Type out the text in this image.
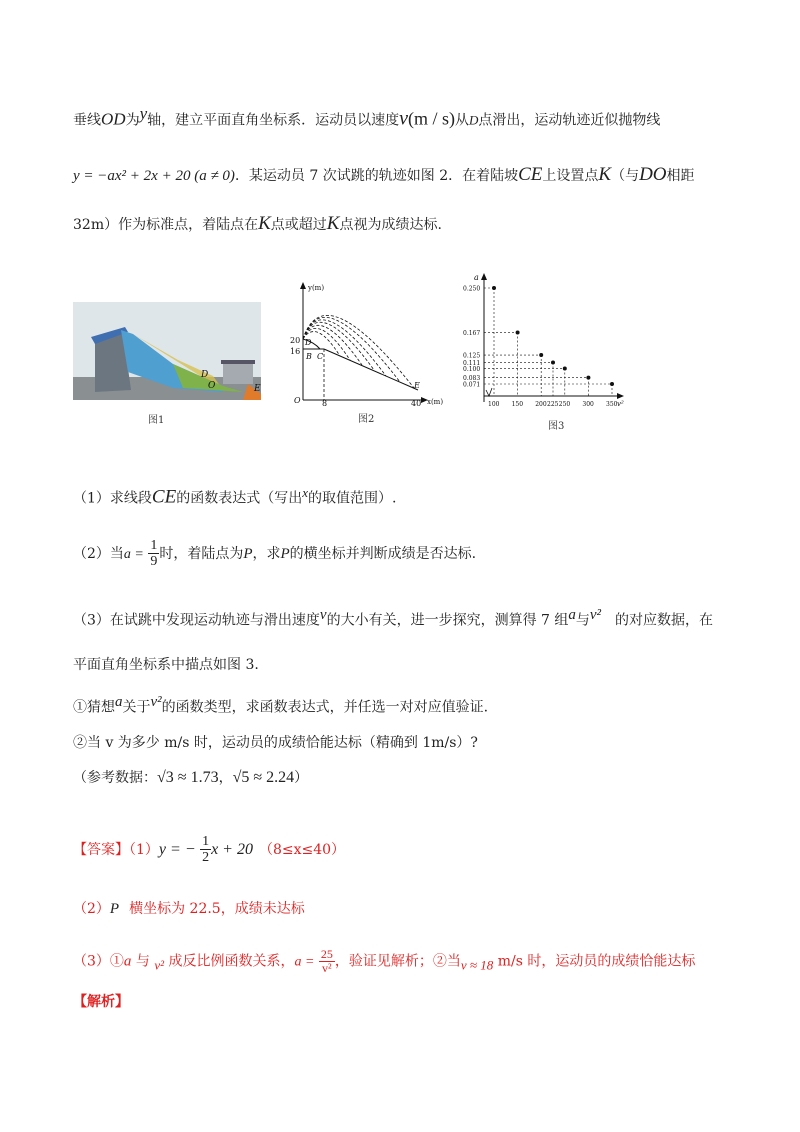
垂线OD为$^y$轴，建立平面直角坐标系．运动员以速度v(m / s)从D点滑出，运动轨迹近似抛物线
y = −ax² + 2x + 20 (a ≠ 0)．某运动员 7 次试跳的轨迹如图 2．在着陆坡CE上设置点K（与DO相距
32m）作为标准点，着陆点在K点或超过K点视为成绩达标.
D
O	E
图1
y(m)
x(m)
20
16
O	8	40
D
B C
E
图2
a
v²
0.250
100
0.167
150
0.125
200
0.111
225
0.100
250
0.083
300
0.071
350
图3
（1）求线段CE的函数表达式（写出$^x$的取值范围）.
（2）当$a = \frac{1}{9}$ 时，着陆点为P，求P的横坐标并判断成绩是否达标.
（3）在试跳中发现运动轨迹与滑出速度$^v$的大小有关，进一步探究，测算得 7 组$^a$与$^{v^2}$ 的对应数据，在
平面直角坐标系中描点如图 3.
①猜想$^a$关于$^{v^2}$的函数类型，求函数表达式，并任选一对对应值验证.
②当 v 为多少 m/s 时，运动员的成绩恰能达标（精确到 1m/s）?
（参考数据：√3 ≈ 1.73，√5 ≈ 2.24）
【答案】（1）y = − $\frac{1}{2}$ x + 20 （8≤x≤40）
（2）P 横坐标为 22.5，成绩未达标
（3）①a 与 $_{v^2}$ 成反比例函数关系，$a = \frac{25}{\text{v²}}$ ，验证见解析；②当$_{v \approx 18}$ m/s 时，运动员的成绩恰能达标
【解析】
